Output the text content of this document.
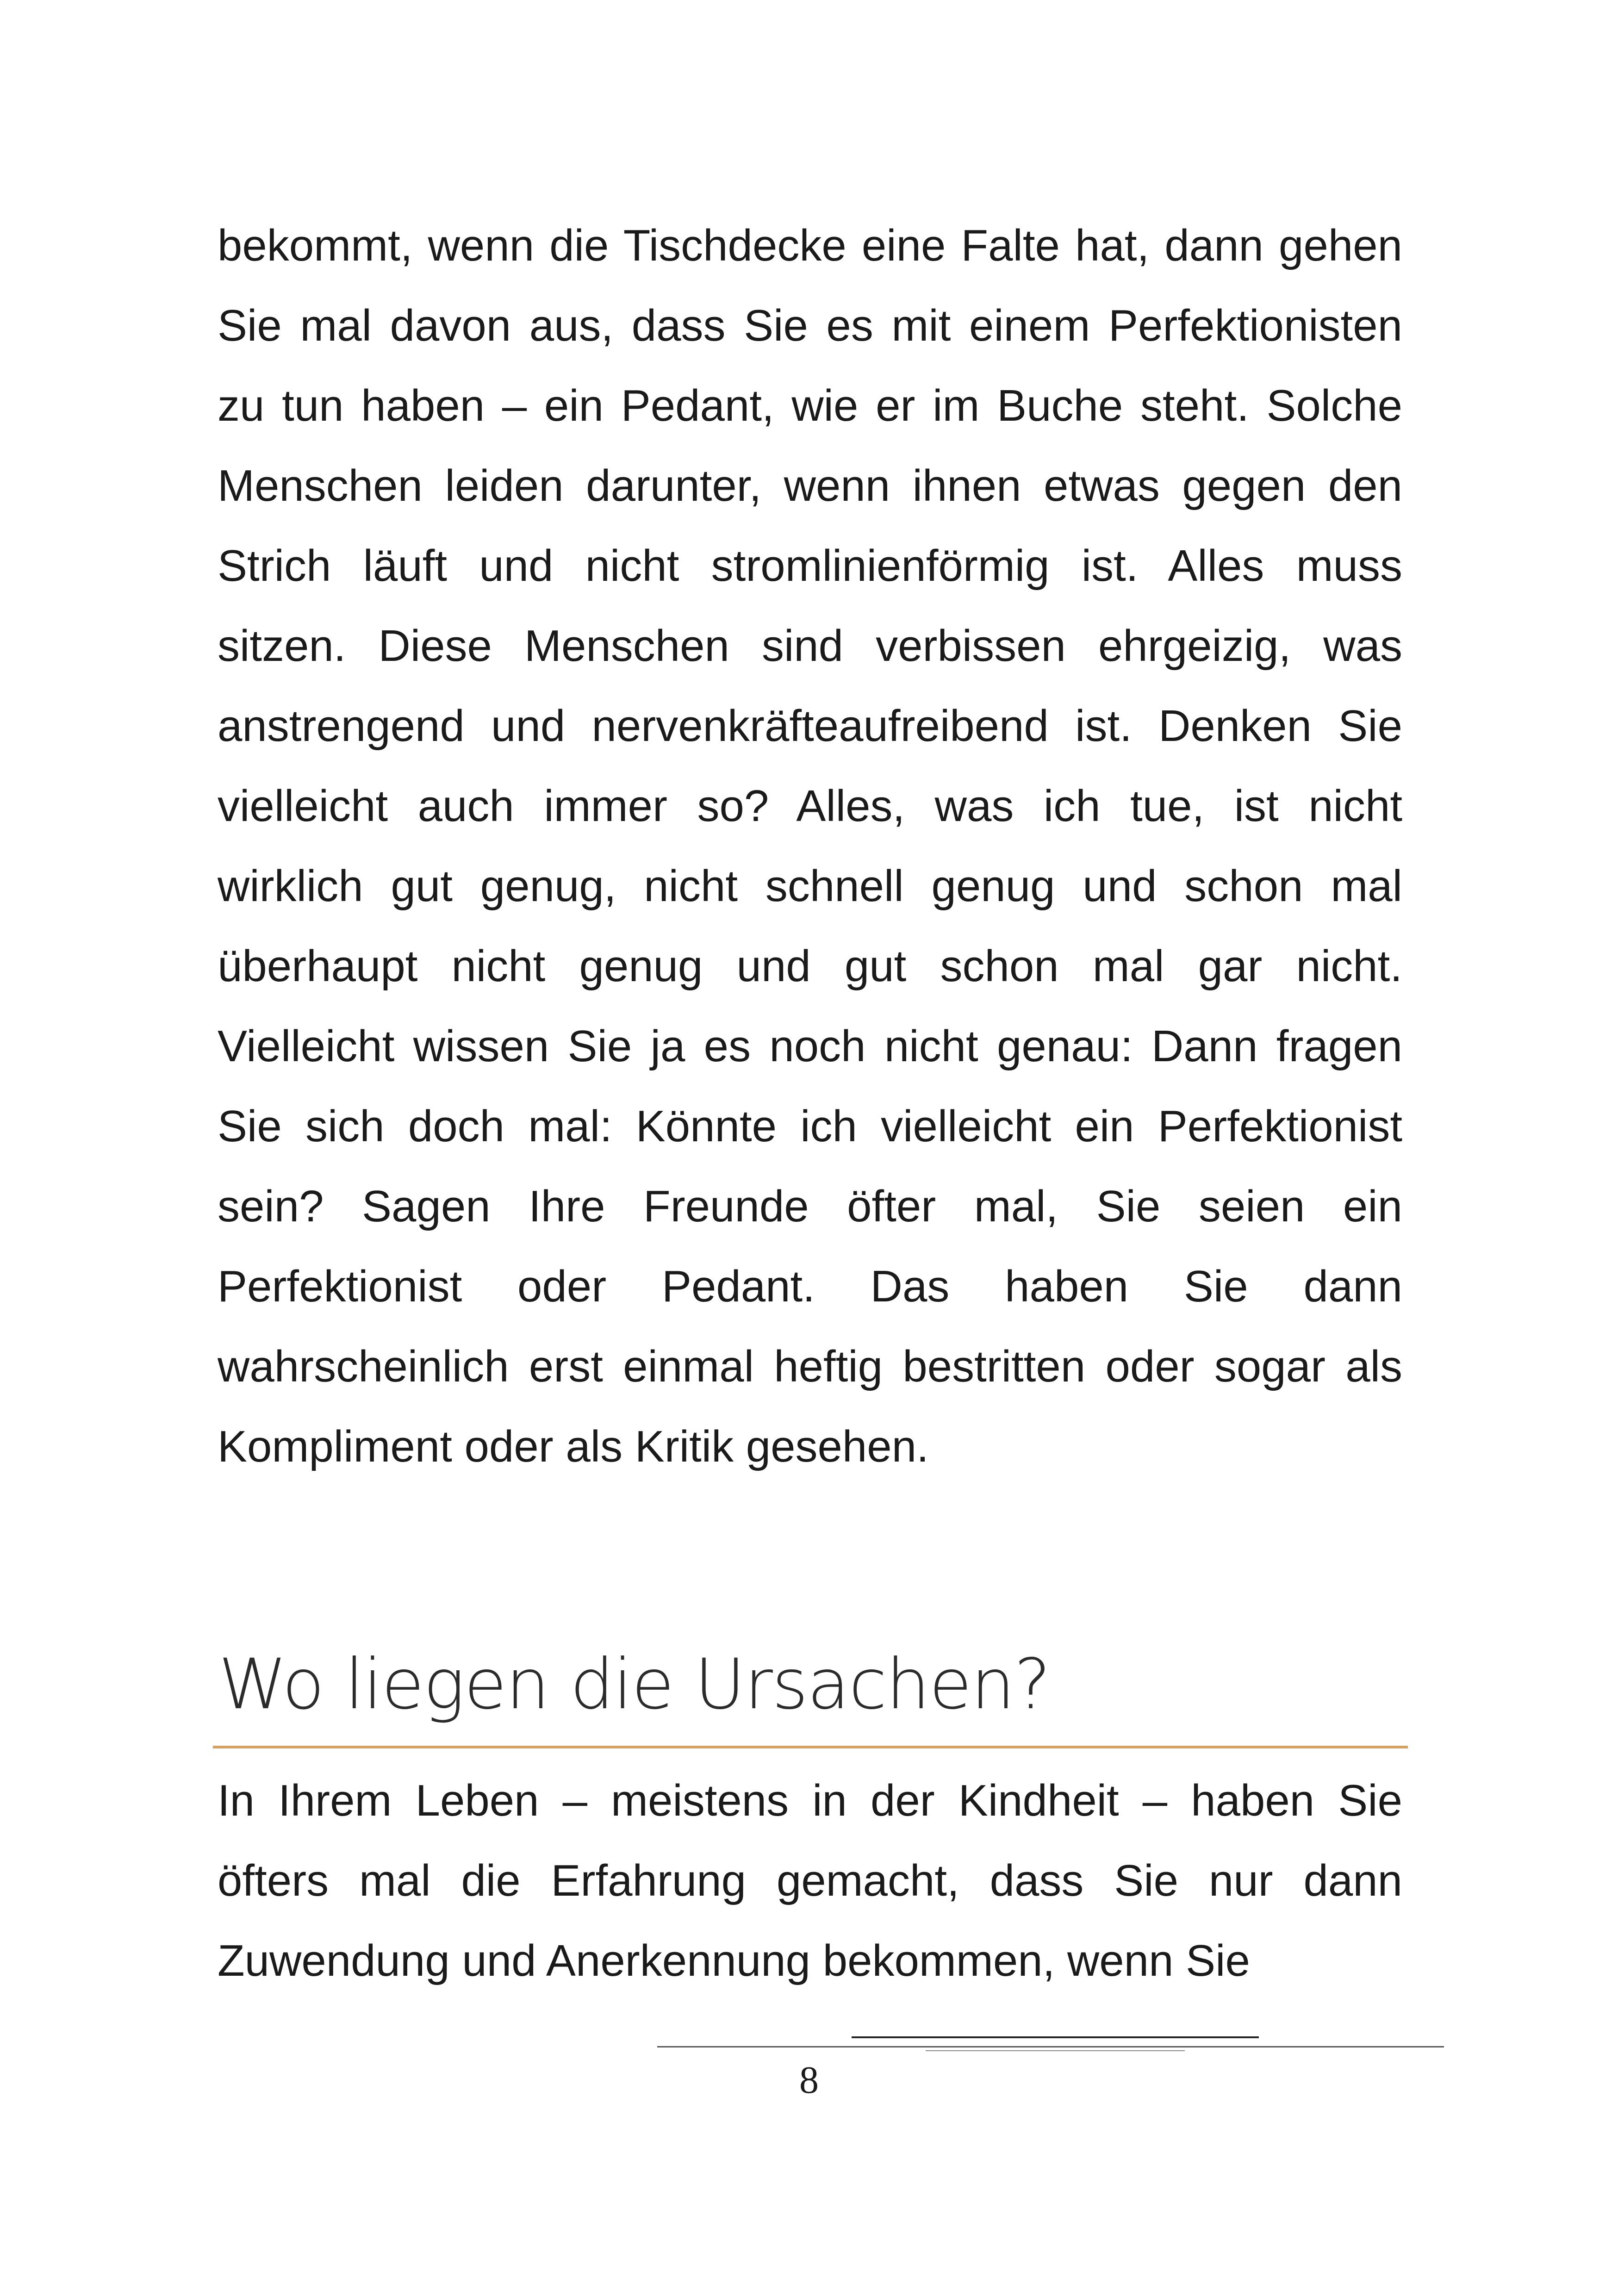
bekommt, wenn die Tischdecke eine Falte hat, dann gehen Sie mal davon aus, dass Sie es mit einem Perfektionisten zu tun haben – ein Pedant, wie er im Buche steht. Solche Menschen leiden darunter, wenn ihnen etwas gegen den Strich läuft und nicht stromlinienförmig ist. Alles muss sitzen. Diese Menschen sind verbissen ehrgeizig, was anstrengend und nervenkräfteaufreibend ist. Denken Sie vielleicht auch immer so? Alles, was ich tue, ist nicht wirklich gut genug, nicht schnell genug und schon mal überhaupt nicht genug und gut schon mal gar nicht. Vielleicht wissen Sie ja es noch nicht genau: Dann fragen Sie sich doch mal: Könnte ich vielleicht ein Perfektionist sein? Sagen Ihre Freunde öfter mal, Sie seien ein Perfektionist oder Pedant. Das haben Sie dann wahrscheinlich erst einmal heftig bestritten oder sogar als Kompliment oder als Kritik gesehen.

Wo liegen die Ursachen?

In Ihrem Leben – meistens in der Kindheit – haben Sie öfters mal die Erfahrung gemacht, dass Sie nur dann Zuwendung und Anerkennung bekommen, wenn Sie

8
